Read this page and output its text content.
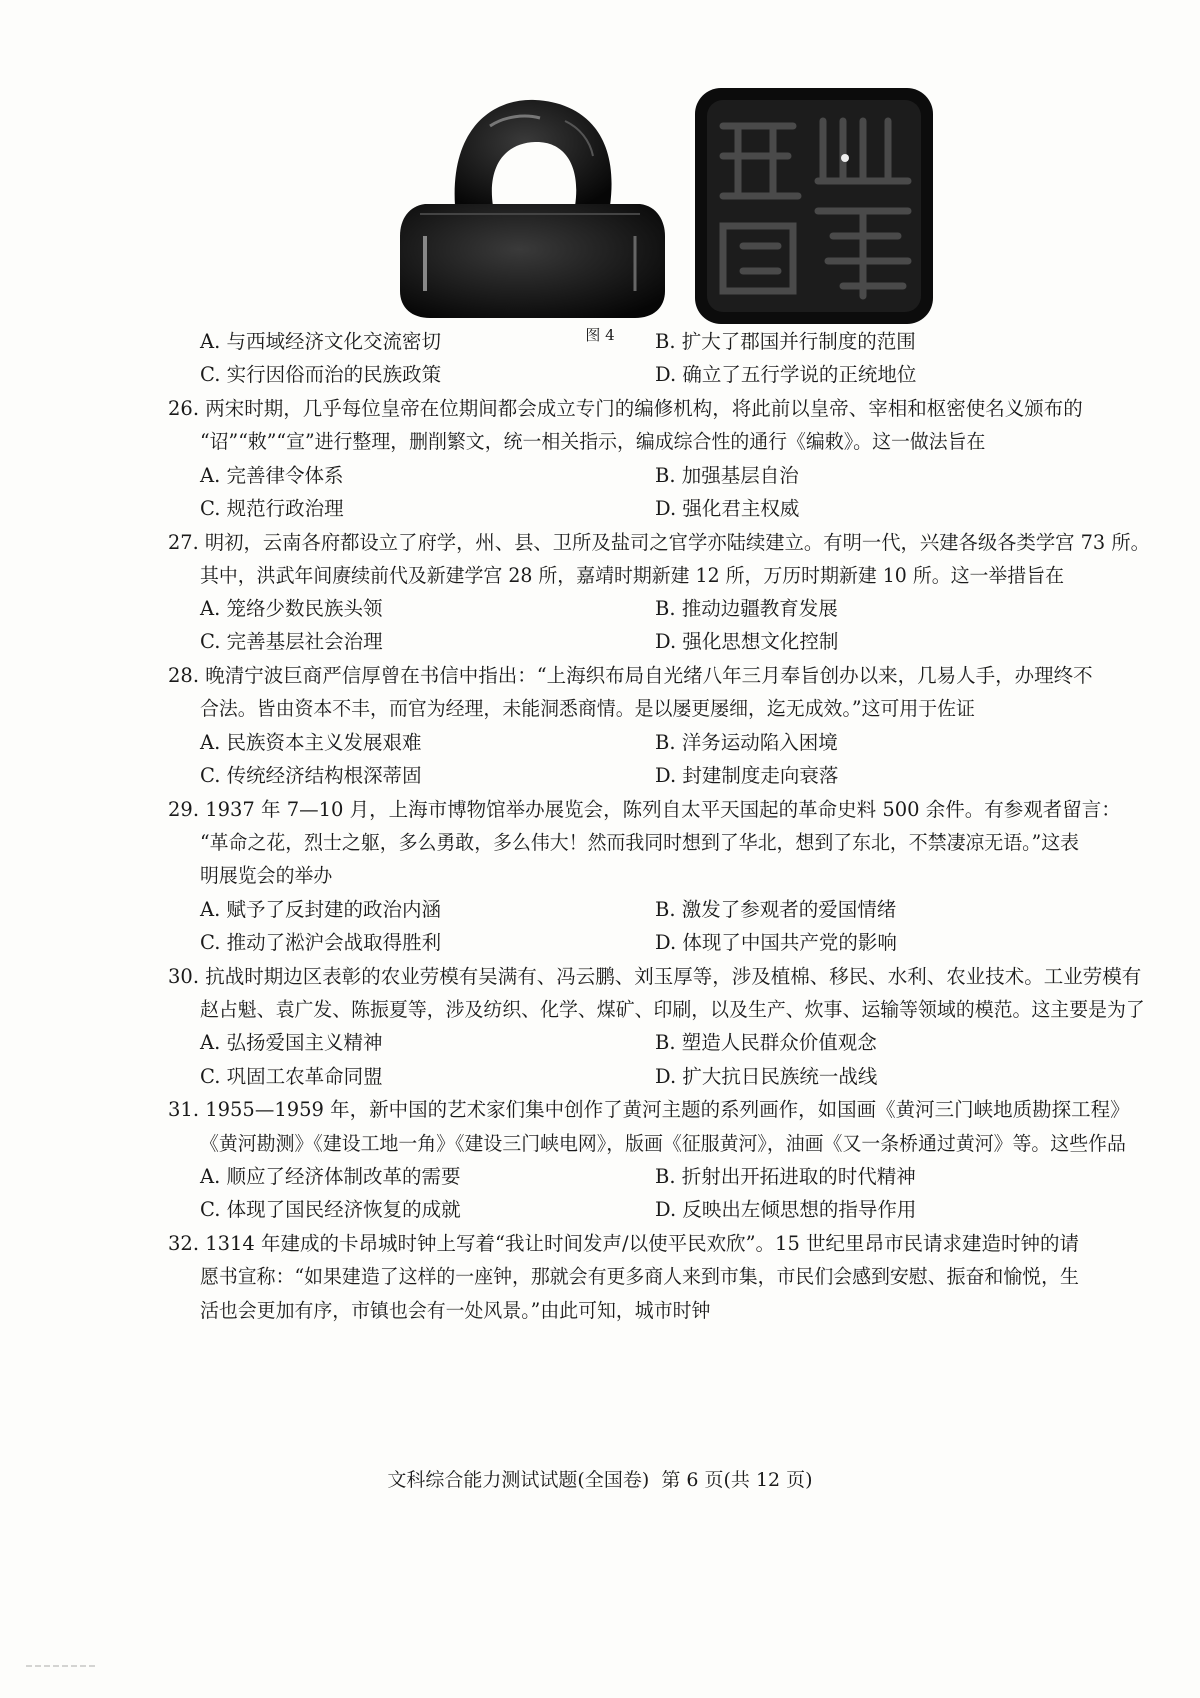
图 4
A. 与西域经济文化交流密切	B. 扩大了郡国并行制度的范围
C. 实行因俗而治的民族政策	D. 确立了五行学说的正统地位
26. 两宋时期，几乎每位皇帝在位期间都会成立专门的编修机构，将此前以皇帝、宰相和枢密使名义颁布的
“诏”“敕”“宣”进行整理，删削繁文，统一相关指示，编成综合性的通行《编敕》。这一做法旨在
A. 完善律令体系	B. 加强基层自治
C. 规范行政治理	D. 强化君主权威
27. 明初，云南各府都设立了府学，州、县、卫所及盐司之官学亦陆续建立。有明一代，兴建各级各类学宫 73 所。
其中，洪武年间赓续前代及新建学宫 28 所，嘉靖时期新建 12 所，万历时期新建 10 所。这一举措旨在
A. 笼络少数民族头领	B. 推动边疆教育发展
C. 完善基层社会治理	D. 强化思想文化控制
28. 晚清宁波巨商严信厚曾在书信中指出：“上海织布局自光绪八年三月奉旨创办以来，几易人手，办理终不
合法。皆由资本不丰，而官为经理，未能洞悉商情。是以屡更屡细，迄无成效。”这可用于佐证
A. 民族资本主义发展艰难	B. 洋务运动陷入困境
C. 传统经济结构根深蒂固	D. 封建制度走向衰落
29. 1937 年 7—10 月，上海市博物馆举办展览会，陈列自太平天国起的革命史料 500 余件。有参观者留言：
“革命之花，烈士之躯，多么勇敢，多么伟大！然而我同时想到了华北，想到了东北，不禁凄凉无语。”这表
明展览会的举办
A. 赋予了反封建的政治内涵	B. 激发了参观者的爱国情绪
C. 推动了淞沪会战取得胜利	D. 体现了中国共产党的影响
30. 抗战时期边区表彰的农业劳模有吴满有、冯云鹏、刘玉厚等，涉及植棉、移民、水利、农业技术。工业劳模有
赵占魁、袁广发、陈振夏等，涉及纺织、化学、煤矿、印刷，以及生产、炊事、运输等领域的模范。这主要是为了
A. 弘扬爱国主义精神	B. 塑造人民群众价值观念
C. 巩固工农革命同盟	D. 扩大抗日民族统一战线
31. 1955—1959 年，新中国的艺术家们集中创作了黄河主题的系列画作，如国画《黄河三门峡地质勘探工程》
《黄河勘测》《建设工地一角》《建设三门峡电网》，版画《征服黄河》，油画《又一条桥通过黄河》等。这些作品
A. 顺应了经济体制改革的需要	B. 折射出开拓进取的时代精神
C. 体现了国民经济恢复的成就	D. 反映出左倾思想的指导作用
32. 1314 年建成的卡昂城时钟上写着“我让时间发声/以使平民欢欣”。15 世纪里昂市民请求建造时钟的请
愿书宣称：“如果建造了这样的一座钟，那就会有更多商人来到市集，市民们会感到安慰、振奋和愉悦，生
活也会更加有序，市镇也会有一处风景。”由此可知，城市时钟
文科综合能力测试试题(全国卷)  第 6 页(共 12 页)
